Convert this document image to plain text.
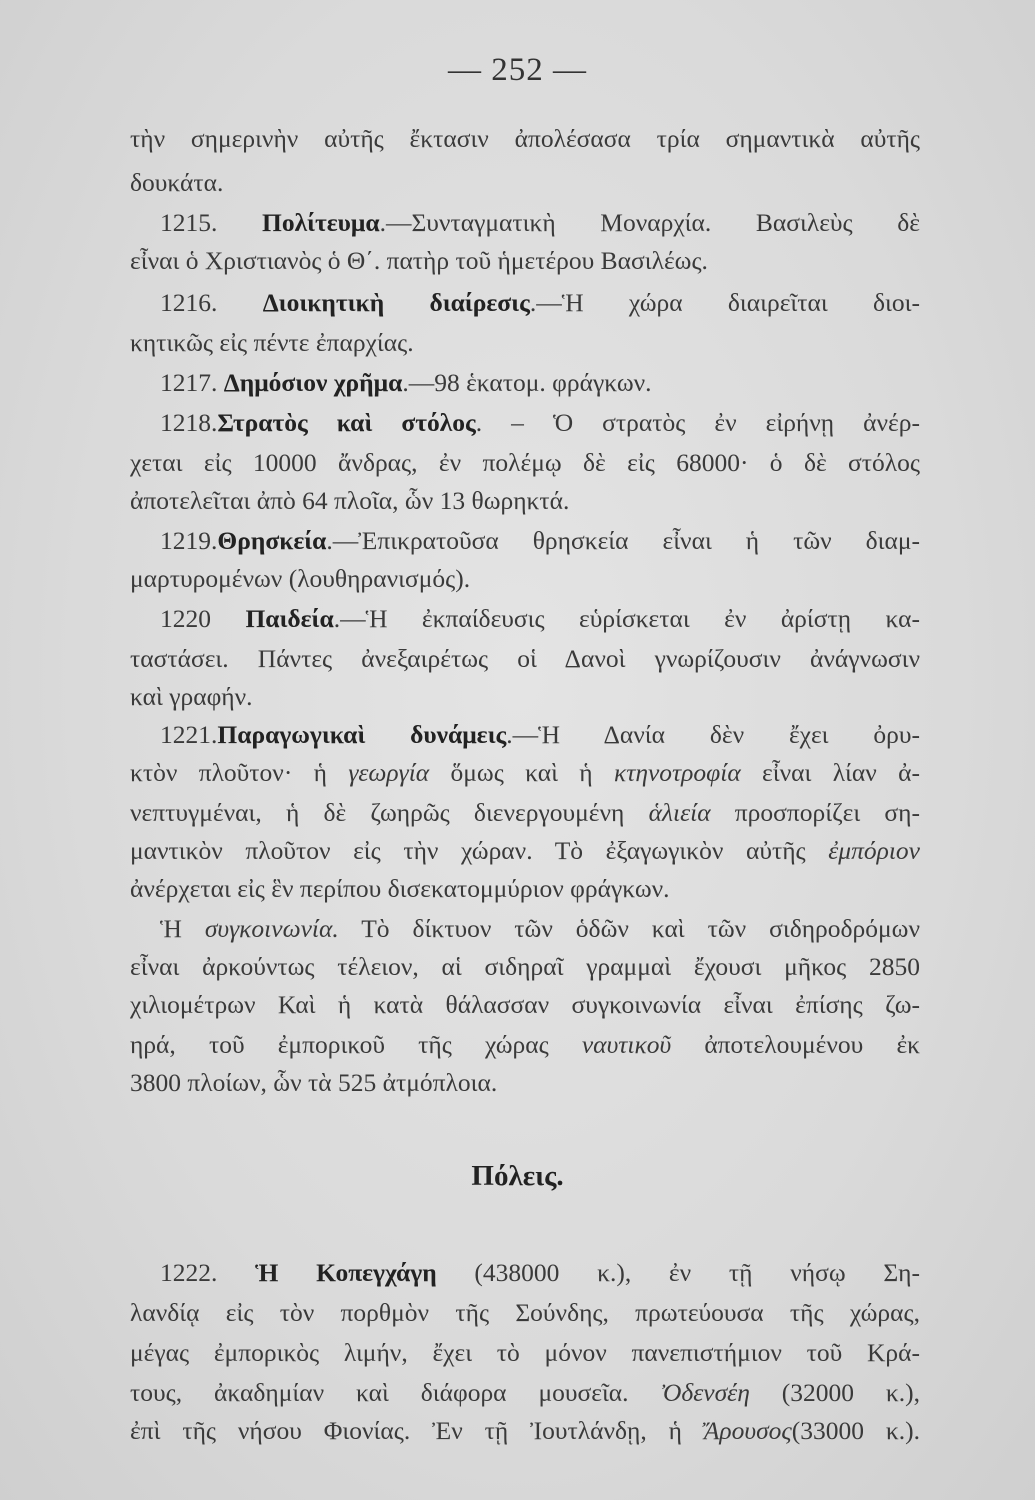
— 252 —
τὴν σημερινὴν αὐτῆς ἔκτασιν ἀπολέσασα τρία σημαντικὰ αὐτῆς
δουκάτα.
1215. Πολίτευμα.—Συνταγματικὴ Μοναρχία. Βασιλεὺς δὲ
εἶναι ὁ Χριστιανὸς ὁ Θ΄. πατὴρ τοῦ ἡμετέρου Βασιλέως.
1216. Διοικητικὴ διαίρεσις.—Ἡ χώρα διαιρεῖται διοι-
κητικῶς εἰς πέντε ἐπαρχίας.
1217. Δημόσιον χρῆμα.—98 ἑκατομ. φράγκων.
1218.Στρατὸς καὶ στόλος. – Ὁ στρατὸς ἐν εἰρήνῃ ἀνέρ-
χεται εἰς 10000 ἄνδρας, ἐν πολέμῳ δὲ εἰς 68000· ὁ δὲ στόλος
ἀποτελεῖται ἀπὸ 64 πλοῖα, ὧν 13 θωρηκτά.
1219.Θρησκεία.—Ἐπικρατοῦσα θρησκεία εἶναι ἡ τῶν διαμ-
μαρτυρομένων (λουθηρανισμός).
1220 Παιδεία.—Ἡ ἐκπαίδευσις εὑρίσκεται ἐν ἀρίστῃ κα-
ταστάσει. Πάντες ἀνεξαιρέτως οἱ Δανοὶ γνωρίζουσιν ἀνάγνωσιν
καὶ γραφήν.
1221.Παραγωγικαὶ δυνάμεις.—Ἡ Δανία δὲν ἔχει ὀρυ-
κτὸν πλοῦτον· ἡ γεωργία ὅμως καὶ ἡ κτηνοτροφία εἶναι λίαν ἀ-
νεπτυγμέναι, ἡ δὲ ζωηρῶς διενεργουμένη ἁλιεία προσπορίζει ση-
μαντικὸν πλοῦτον εἰς τὴν χώραν. Τὸ ἐξαγωγικὸν αὐτῆς ἐμπόριον
ἀνέρχεται εἰς ἓν περίπου δισεκατομμύριον φράγκων.
Ἡ συγκοινωνία. Τὸ δίκτυον τῶν ὁδῶν καὶ τῶν σιδηροδρόμων
εἶναι ἀρκούντως τέλειον, αἱ σιδηραῖ γραμμαὶ ἔχουσι μῆκος 2850
χιλιομέτρων Καὶ ἡ κατὰ θάλασσαν συγκοινωνία εἶναι ἐπίσης ζω-
ηρά, τοῦ ἐμπορικοῦ τῆς χώρας ναυτικοῦ ἀποτελουμένου ἐκ
3800 πλοίων, ὧν τὰ 525 ἀτμόπλοια.
Πόλεις.
1222. Ἡ Κοπεγχάγη (438000 κ.), ἐν τῇ νήσῳ Ση-
λανδίᾳ εἰς τὸν πορθμὸν τῆς Σούνδης, πρωτεύουσα τῆς χώρας,
μέγας ἐμπορικὸς λιμήν, ἔχει τὸ μόνον πανεπιστήμιον τοῦ Κρά-
τους, ἀκαδημίαν καὶ διάφορα μουσεῖα. Ὀδενσέη (32000 κ.),
ἐπὶ τῆς νήσου Φιονίας. Ἐν τῇ Ἰουτλάνδῃ, ἡ Ἄρουσος(33000 κ.).
